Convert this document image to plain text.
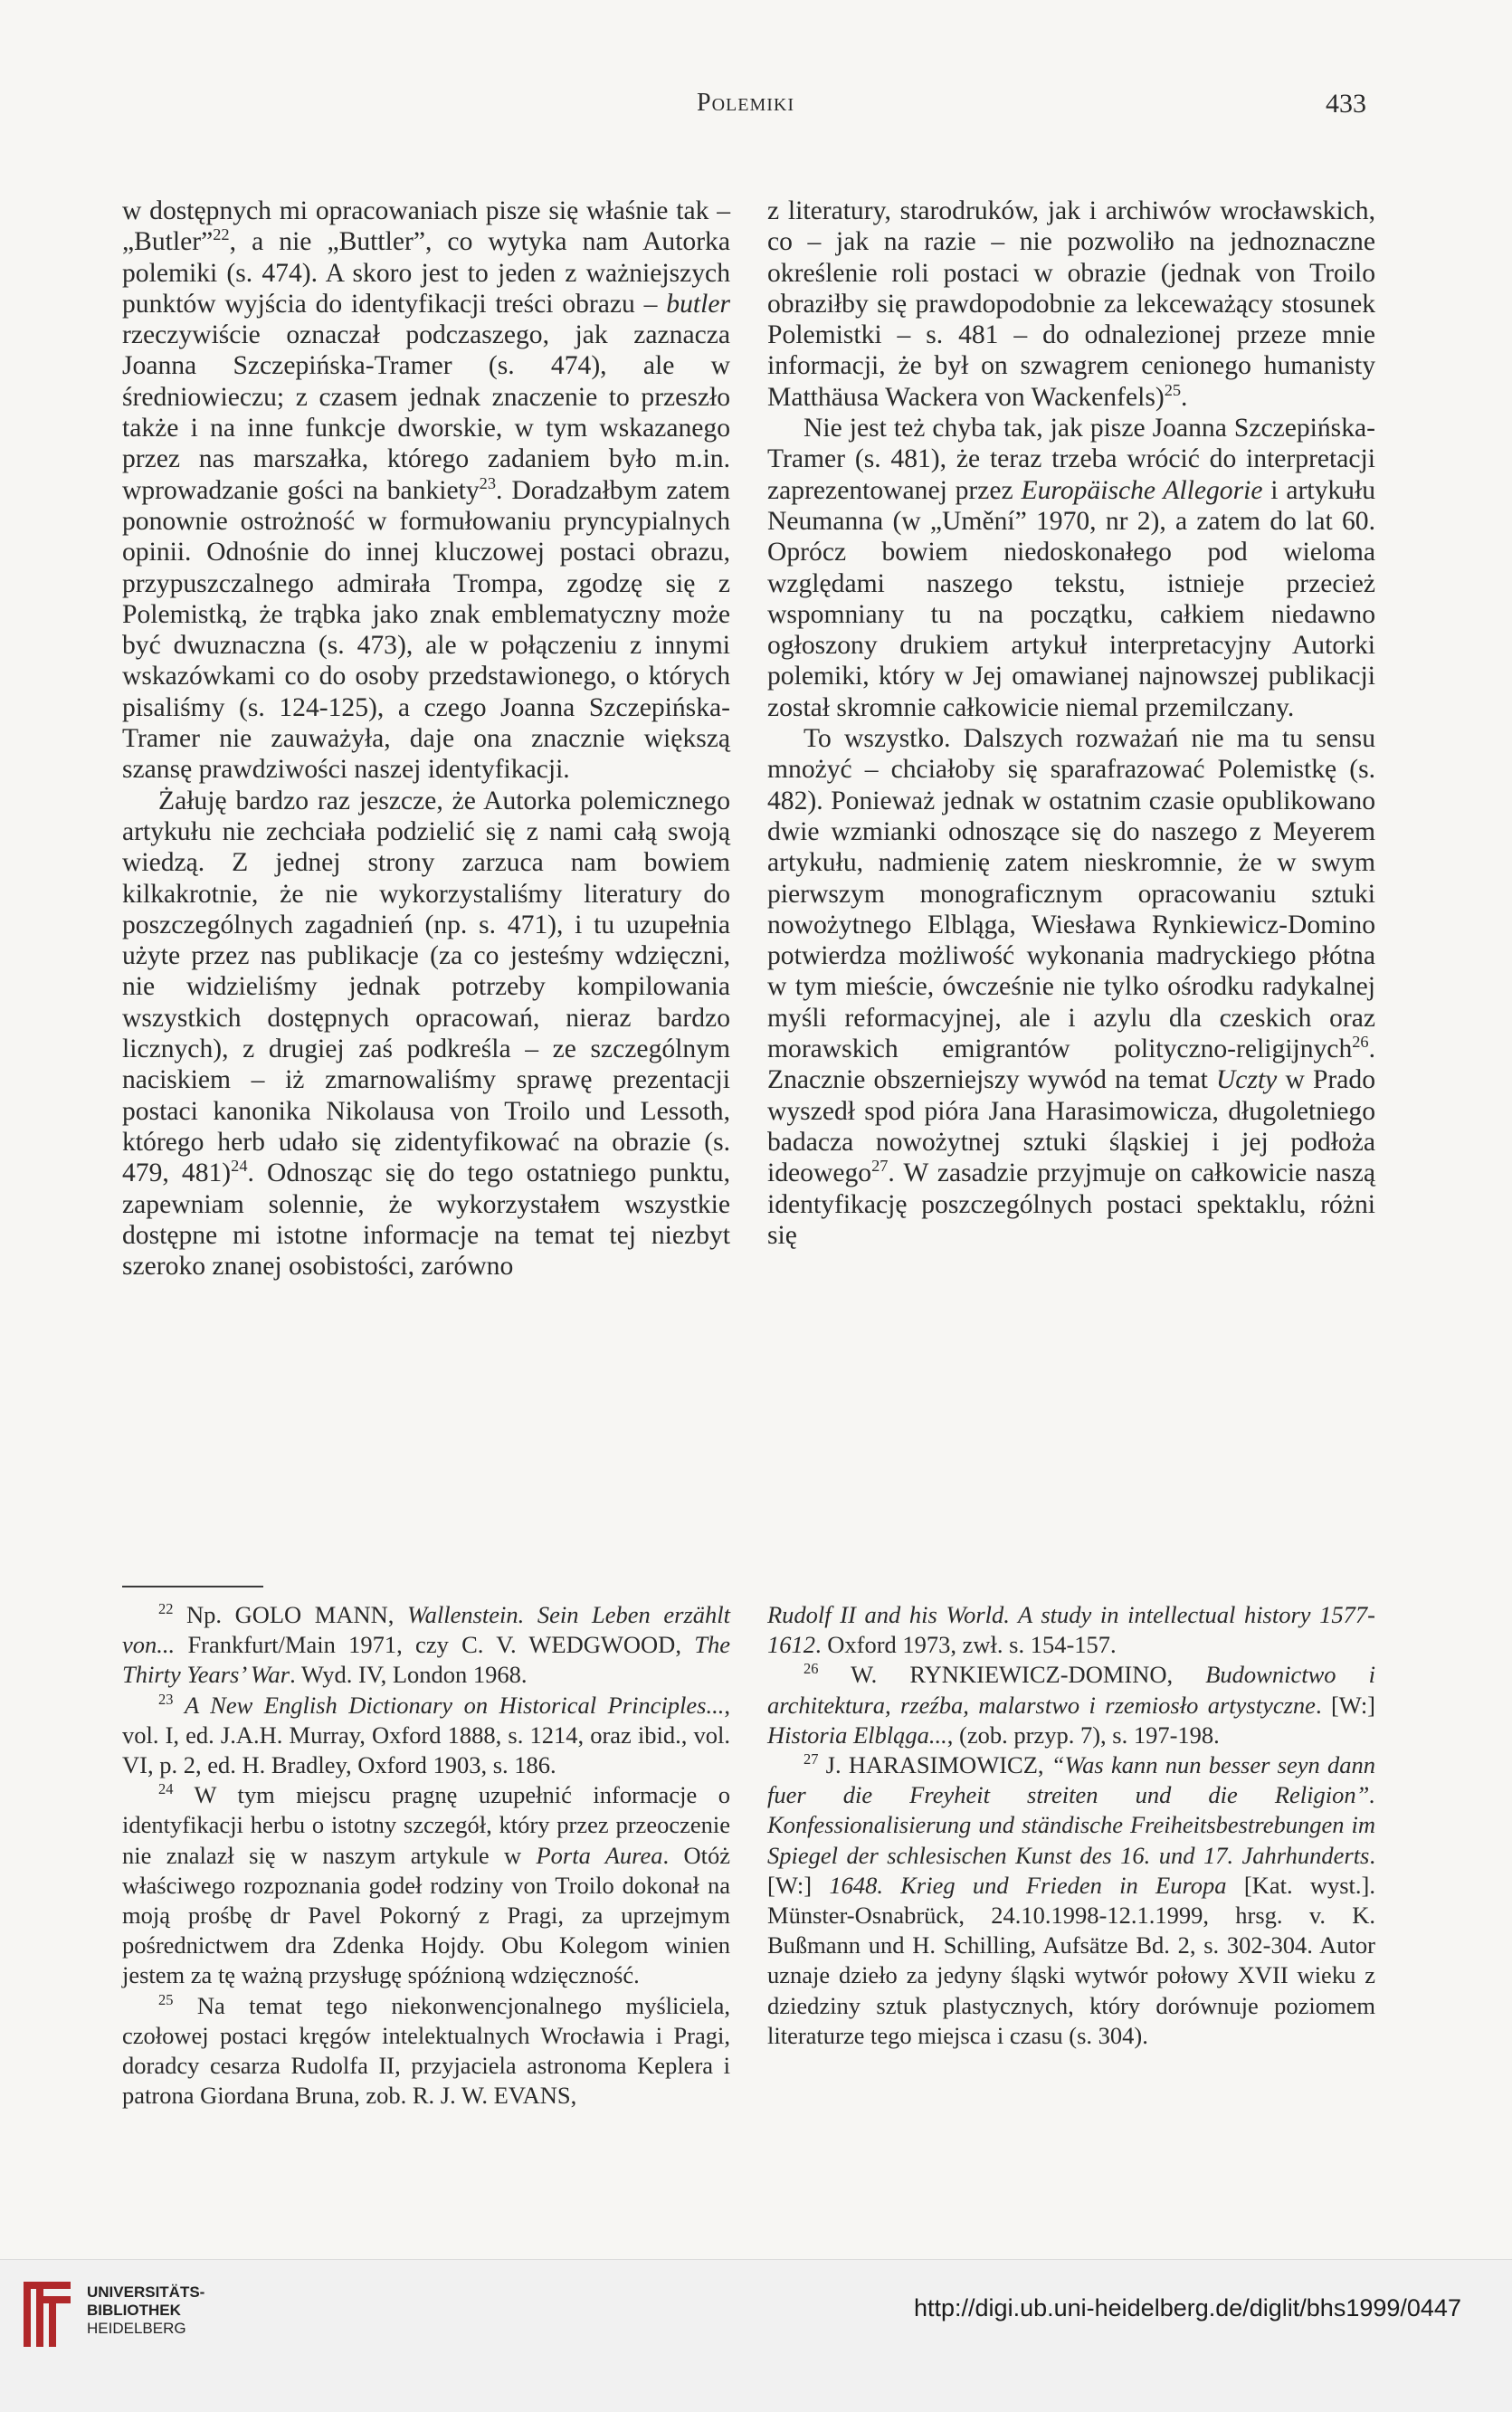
Polemiki	433

w dostępnych mi opracowaniach pisze się właśnie tak – „Butler”$^{22}$, a nie „Buttler”, co wytyka nam Autorka polemiki (s. 474). A skoro jest to jeden z ważniejszych punktów wyjścia do identyfikacji treści obrazu – butler rzeczywiście oznaczał podczaszego, jak zaznacza Joanna Szczepińska-Tramer (s. 474), ale w średniowieczu; z czasem jednak znaczenie to przeszło także i na inne funkcje dworskie, w tym wskazanego przez nas marszałka, którego zadaniem było m.in. wprowadzanie gości na bankiety$^{23}$. Doradzałbym zatem ponownie ostrożność w formułowaniu pryncypialnych opinii. Odnośnie do innej kluczowej postaci obrazu, przypuszczalnego admirała Trompa, zgodzę się z Polemistką, że trąbka jako znak emblematyczny może być dwuznaczna (s. 473), ale w połączeniu z innymi wskazówkami co do osoby przedstawionego, o których pisaliśmy (s. 124-125), a czego Joanna Szczepińska-Tramer nie zauważyła, daje ona znacznie większą szansę prawdziwości naszej identyfikacji.

Żałuję bardzo raz jeszcze, że Autorka polemicznego artykułu nie zechciała podzielić się z nami całą swoją wiedzą. Z jednej strony zarzuca nam bowiem kilkakrotnie, że nie wykorzystaliśmy literatury do poszczególnych zagadnień (np. s. 471), i tu uzupełnia użyte przez nas publikacje (za co jesteśmy wdzięczni, nie widzieliśmy jednak potrzeby kompilowania wszystkich dostępnych opracowań, nieraz bardzo licznych), z drugiej zaś podkreśla – ze szczególnym naciskiem – iż zmarnowaliśmy sprawę prezentacji postaci kanonika Nikolausa von Troilo und Lessoth, którego herb udało się zidentyfikować na obrazie (s. 479, 481)$^{24}$. Odnosząc się do tego ostatniego punktu, zapewniam solennie, że wykorzystałem wszystkie dostępne mi istotne informacje na temat tej niezbyt szeroko znanej osobistości, zarówno

z literatury, starodruków, jak i archiwów wrocławskich, co – jak na razie – nie pozwoliło na jednoznaczne określenie roli postaci w obrazie (jednak von Troilo obraziłby się prawdopodobnie za lekceważący stosunek Polemistki – s. 481 – do odnalezionej przeze mnie informacji, że był on szwagrem cenionego humanisty Matthäusa Wackera von Wackenfels)$^{25}$.

Nie jest też chyba tak, jak pisze Joanna Szczepińska-Tramer (s. 481), że teraz trzeba wrócić do interpretacji zaprezentowanej przez Europäische Allegorie i artykułu Neumanna (w „Umění” 1970, nr 2), a zatem do lat 60. Oprócz bowiem niedoskonałego pod wieloma względami naszego tekstu, istnieje przecież wspomniany tu na początku, całkiem niedawno ogłoszony drukiem artykuł interpretacyjny Autorki polemiki, który w Jej omawianej najnowszej publikacji został skromnie całkowicie niemal przemilczany.

To wszystko. Dalszych rozważań nie ma tu sensu mnożyć – chciałoby się sparafrazować Polemistkę (s. 482). Ponieważ jednak w ostatnim czasie opublikowano dwie wzmianki odnoszące się do naszego z Meyerem artykułu, nadmienię zatem nieskromnie, że w swym pierwszym monograficznym opracowaniu sztuki nowożytnego Elbląga, Wiesława Rynkiewicz-Domino potwierdza możliwość wykonania madryckiego płótna w tym mieście, ówcześnie nie tylko ośrodku radykalnej myśli reformacyjnej, ale i azylu dla czeskich oraz morawskich emigrantów polityczno-religijnych$^{26}$. Znacznie obszerniejszy wywód na temat Uczty w Prado wyszedł spod pióra Jana Harasimowicza, długoletniego badacza nowożytnej sztuki śląskiej i jej podłoża ideowego$^{27}$. W zasadzie przyjmuje on całkowicie naszą identyfikację poszczególnych postaci spektaklu, różni się

$^{22}$ Np. GOLO MANN, Wallenstein. Sein Leben erzählt von... Frankfurt/Main 1971, czy C. V. WEDGWOOD, The Thirty Years’ War. Wyd. IV, London 1968.

$^{23}$ A New English Dictionary on Historical Principles..., vol. I, ed. J.A.H. Murray, Oxford 1888, s. 1214, oraz ibid., vol. VI, p. 2, ed. H. Bradley, Oxford 1903, s. 186.

$^{24}$ W tym miejscu pragnę uzupełnić informacje o identyfikacji herbu o istotny szczegół, który przez przeoczenie nie znalazł się w naszym artykule w Porta Aurea. Otóż właściwego rozpoznania godeł rodziny von Troilo dokonał na moją prośbę dr Pavel Pokorný z Pragi, za uprzejmym pośrednictwem dra Zdenka Hojdy. Obu Kolegom winien jestem za tę ważną przysługę spóźnioną wdzięczność.

$^{25}$ Na temat tego niekonwencjonalnego myśliciela, czołowej postaci kręgów intelektualnych Wrocławia i Pragi, doradcy cesarza Rudolfa II, przyjaciela astronoma Keplera i patrona Giordana Bruna, zob. R. J. W. EVANS,

Rudolf II and his World. A study in intellectual history 1577-1612. Oxford 1973, zwł. s. 154-157.

$^{26}$ W. RYNKIEWICZ-DOMINO, Budownictwo i architektura, rzeźba, malarstwo i rzemiosło artystyczne. [W:] Historia Elbląga..., (zob. przyp. 7), s. 197-198.

$^{27}$ J. HARASIMOWICZ, “Was kann nun besser seyn dann fuer die Freyheit streiten und die Religion”. Konfessionalisierung und ständische Freiheitsbestrebungen im Spiegel der schlesischen Kunst des 16. und 17. Jahrhunderts. [W:] 1648. Krieg und Frieden in Europa [Kat. wyst.]. Münster-Osnabrück, 24.10.1998-12.1.1999, hrsg. v. K. Bußmann und H. Schilling, Aufsätze Bd. 2, s. 302-304. Autor uznaje dzieło za jedyny śląski wytwór połowy XVII wieku z dziedziny sztuk plastycznych, który dorównuje poziomem literaturze tego miejsca i czasu (s. 304).

UNIVERSITÄTS-
BIBLIOTHEK
HEIDELBERG
http://digi.ub.uni-heidelberg.de/diglit/bhs1999/0447
